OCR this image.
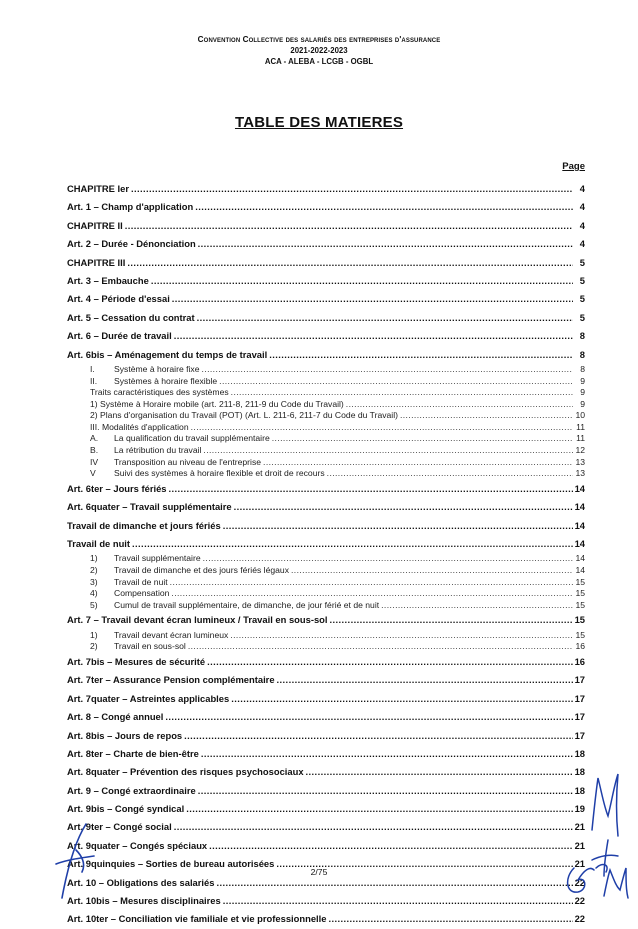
Convention Collective des salariés des entreprises d'assurance
2021-2022-2023
ACA - ALEBA - LCGB - OGBL
TABLE DES MATIERES
Page
CHAPITRE Ier .....	4
Art. 1 – Champ d'application .....	4
CHAPITRE II .....	4
Art. 2 – Durée - Dénonciation .....	4
CHAPITRE III .....	5
Art. 3 – Embauche .....	5
Art. 4 – Période d'essai .....	5
Art. 5 – Cessation du contrat .....	5
Art. 6 – Durée de travail .....	8
Art. 6bis – Aménagement du temps de travail .....	8
I. Système à horaire fixe .....	8
II. Systèmes à horaire flexible .....	9
Traits caractéristiques des systèmes .....	9
1) Système à Horaire mobile (art. 211-8, 211-9 du Code du Travail) .....	9
2) Plans d'organisation du Travail (POT) (Art. L. 211-6, 211-7 du Code du Travail) .....	10
III. Modalités d'application .....	11
A. La qualification du travail supplémentaire .....	11
B. La rétribution du travail .....	12
IV Transposition au niveau de l'entreprise .....	13
V Suivi des systèmes à horaire flexible et droit de recours .....	13
Art. 6ter – Jours fériés .....	14
Art. 6quater – Travail supplémentaire .....	14
Travail de dimanche et jours fériés .....	14
Travail de nuit .....	14
1) Travail supplémentaire .....	14
2) Travail de dimanche et des jours fériés légaux .....	14
3) Travail de nuit .....	15
4) Compensation .....	15
5) Cumul de travail supplémentaire, de dimanche, de jour férié et de nuit .....	15
Art. 7 – Travail devant écran lumineux / Travail en sous-sol .....	15
1) Travail devant écran lumineux .....	15
2) Travail en sous-sol .....	16
Art. 7bis – Mesures de sécurité .....	16
Art. 7ter – Assurance Pension complémentaire .....	17
Art. 7quater – Astreintes applicables .....	17
Art. 8 – Congé annuel .....	17
Art. 8bis – Jours de repos .....	17
Art. 8ter – Charte de bien-être .....	18
Art. 8quater – Prévention des risques psychosociaux .....	18
Art. 9 – Congé extraordinaire .....	18
Art. 9bis – Congé syndical .....	19
Art. 9ter – Congé social .....	21
Art. 9quater – Congés spéciaux .....	21
Art. 9quinquies – Sorties de bureau autorisées .....	21
Art. 10 – Obligations des salariés .....	22
Art. 10bis – Mesures disciplinaires .....	22
Art. 10ter – Conciliation vie familiale et vie professionnelle .....	22
2/75
